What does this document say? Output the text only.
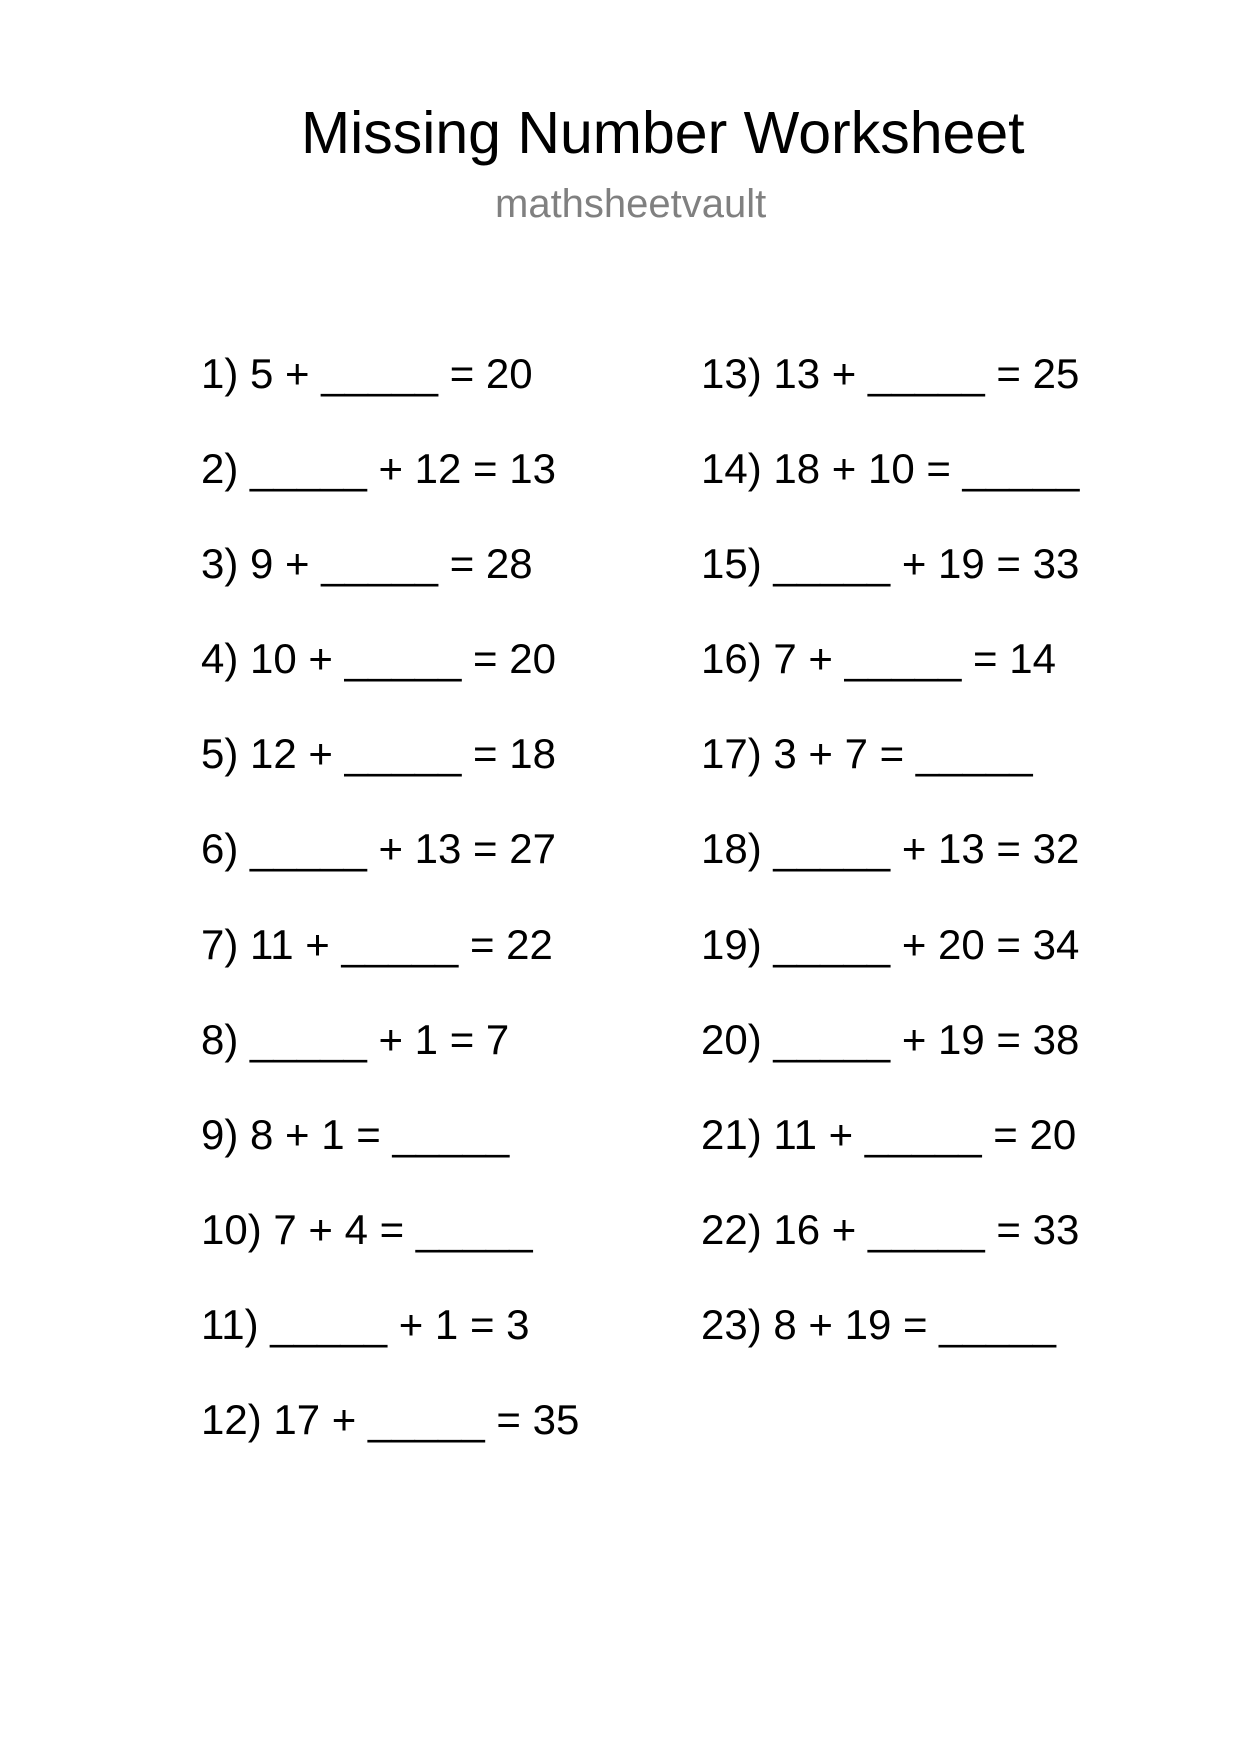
Missing Number Worksheet
mathsheetvault
1) 5 + _____ = 20
2) _____ + 12 = 13
3) 9 + _____ = 28
4) 10 + _____ = 20
5) 12 + _____ = 18
6) _____ + 13 = 27
7) 11 + _____ = 22
8) _____ + 1 = 7
9) 8 + 1 = _____
10) 7 + 4 = _____
11) _____ + 1 = 3
12) 17 + _____ = 35
13) 13 + _____ = 25
14) 18 + 10 = _____
15) _____ + 19 = 33
16) 7 + _____ = 14
17) 3 + 7 = _____
18) _____ + 13 = 32
19) _____ + 20 = 34
20) _____ + 19 = 38
21) 11 + _____ = 20
22) 16 + _____ = 33
23) 8 + 19 = _____
